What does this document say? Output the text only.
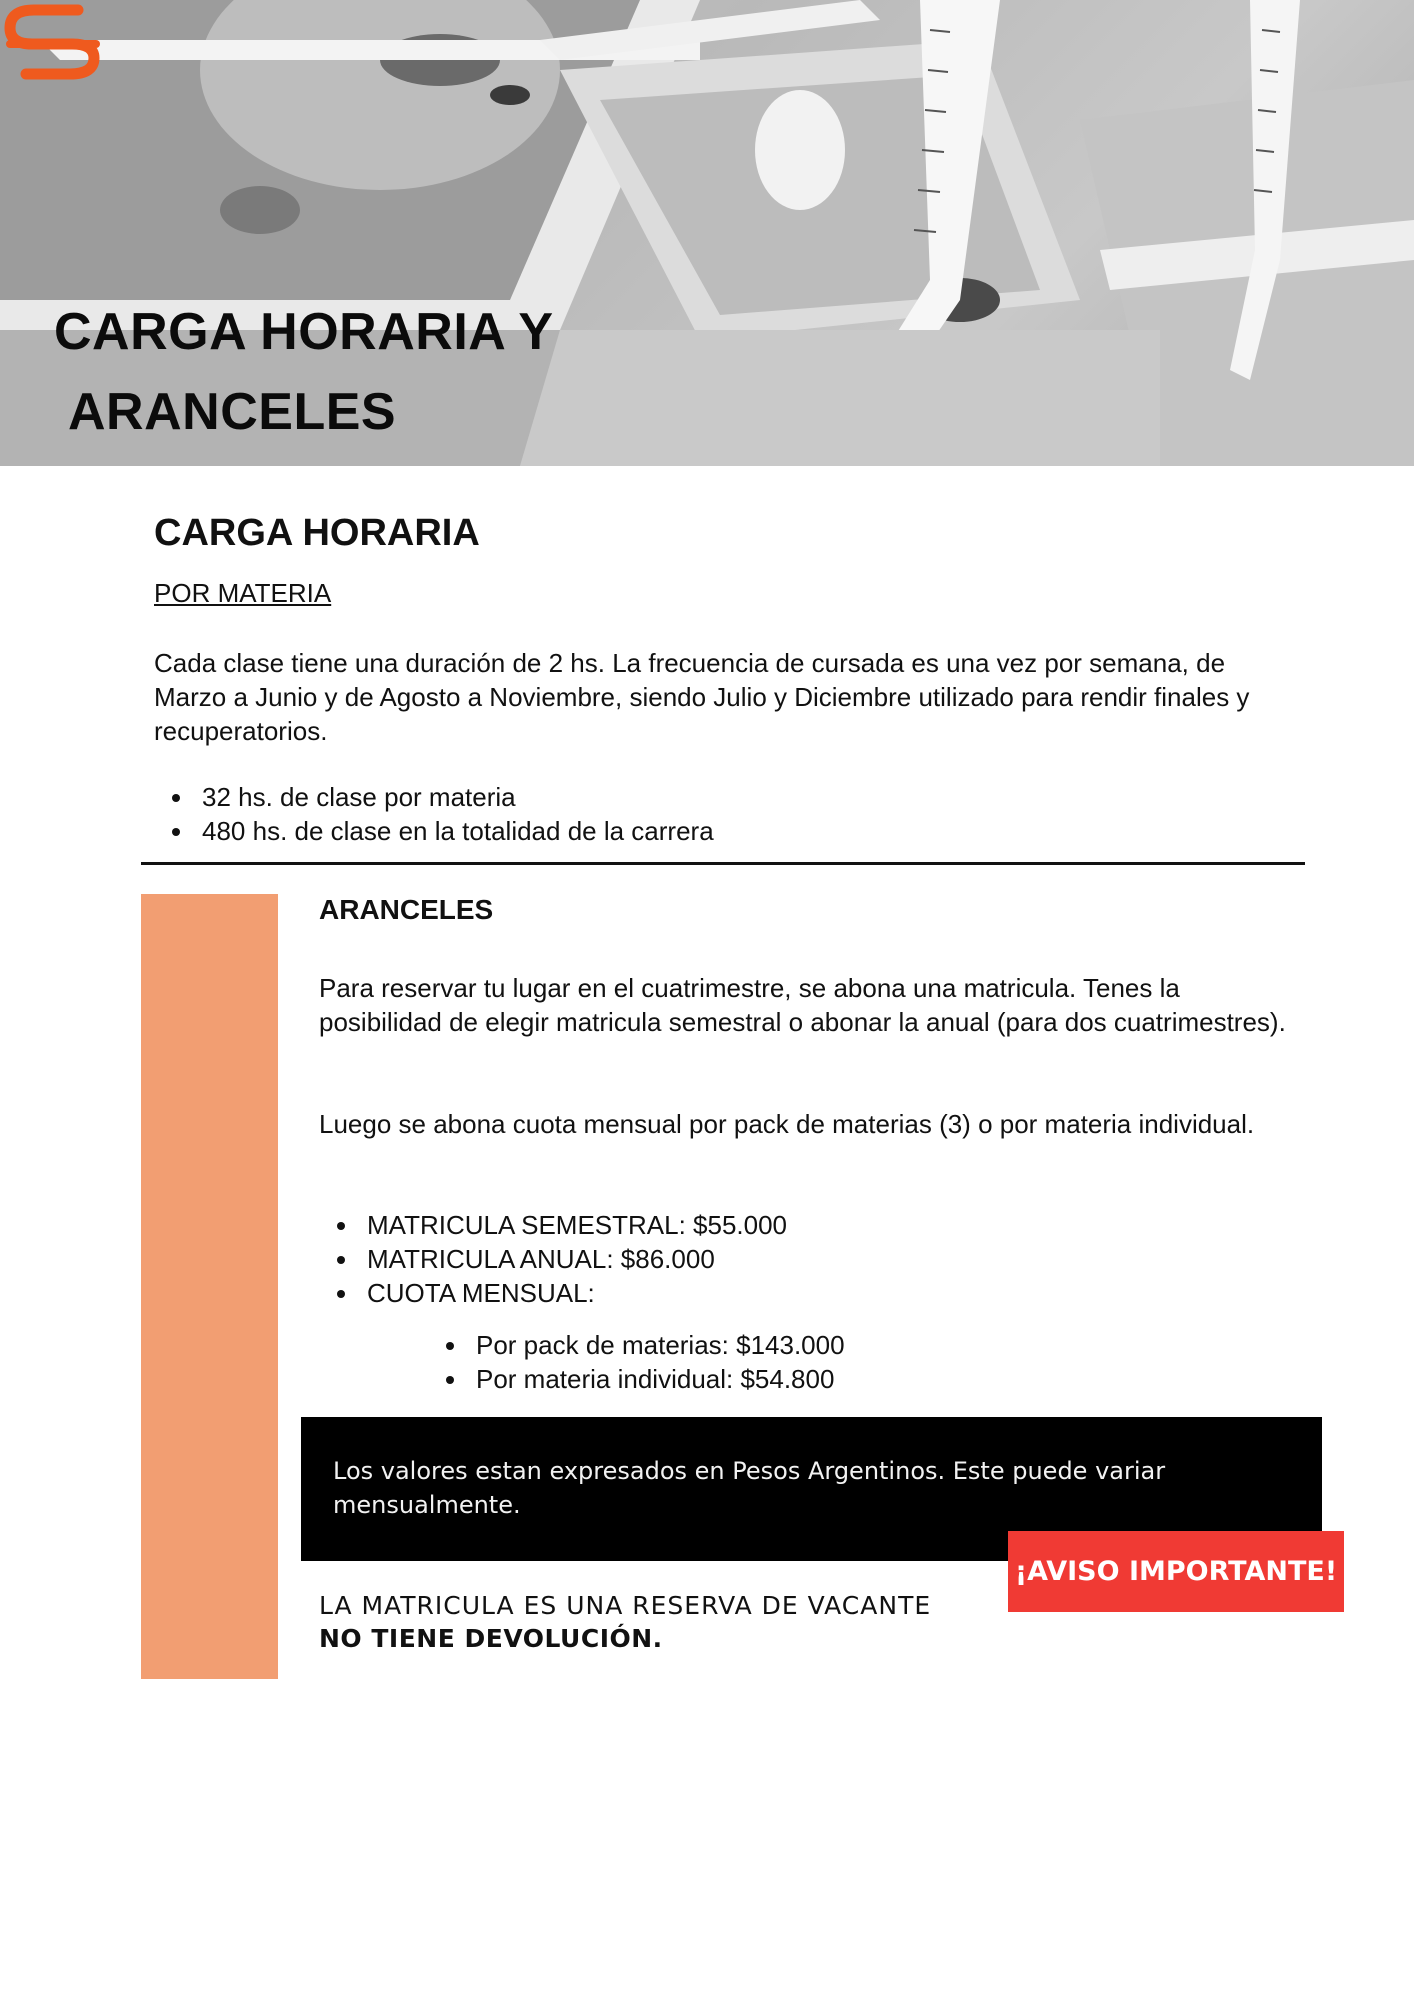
CARGA HORARIA Y
ARANCELES
CARGA HORARIA
POR MATERIA

Cada clase tiene una duración de 2 hs. La frecuencia de cursada es una vez por semana, de Marzo a Junio y de Agosto a Noviembre, siendo Julio y Diciembre utilizado para rendir finales y recuperatorios.

32 hs. de clase por materia
480 hs. de clase en la totalidad de la carrera
ARANCELES

Para reservar tu lugar en el cuatrimestre, se abona una matricula. Tenes la posibilidad de elegir matricula semestral o abonar la anual (para dos cuatrimestres).

Luego se abona cuota mensual por pack de materias (3) o por materia individual.

MATRICULA SEMESTRAL: $55.000
MATRICULA ANUAL: $86.000
CUOTA MENSUAL:
Por pack de materias: $143.000
Por materia individual: $54.800

Los valores estan expresados en Pesos Argentinos. Este puede variar mensualmente.

¡AVISO IMPORTANTE!
LA MATRICULA ES UNA RESERVA DE VACANTE
NO TIENE DEVOLUCIÓN.
